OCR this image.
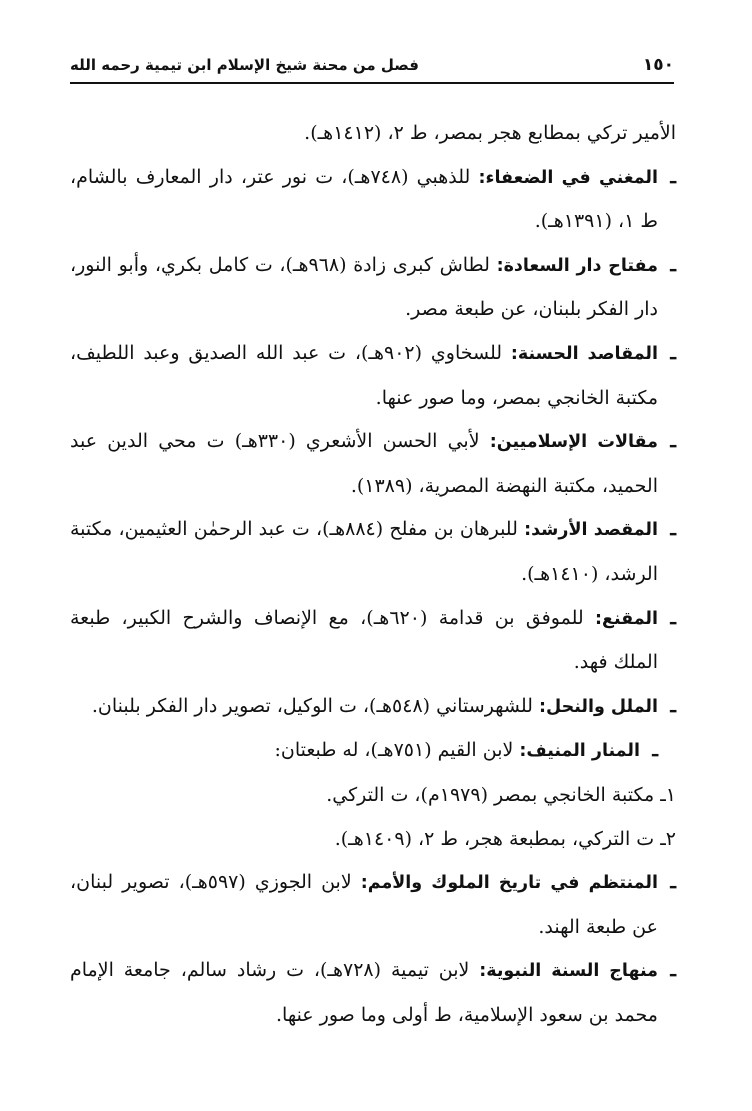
١٥٠
فصل من محنة شيخ الإسلام ابن تيمية رحمه الله
الأمير تركي بمطابع هجر بمصر، ط ٢، (١٤١٢هـ).
ـ
المغني في الضعفاء: للذهبي (٧٤٨هـ)، ت نور عتر، دار المعارف بالشام، ط ١، (١٣٩١هـ).
ـ
مفتاح دار السعادة: لطاش كبرى زادة (٩٦٨هـ)، ت كامل بكري، وأبو النور، دار الفكر بلبنان، عن طبعة مصر.
ـ
المقاصد الحسنة: للسخاوي (٩٠٢هـ)، ت عبد الله الصديق وعبد اللطيف، مكتبة الخانجي بمصر، وما صور عنها.
ـ
مقالات الإسلاميين: لأبي الحسن الأشعري (٣٣٠هـ) ت محي الدين عبد الحميد، مكتبة النهضة المصرية، (١٣٨٩).
ـ
المقصد الأرشد: للبرهان بن مفلح (٨٨٤هـ)، ت عبد الرحمٰن العثيمين، مكتبة الرشد، (١٤١٠هـ).
ـ
المقنع: للموفق بن قدامة (٦٢٠هـ)، مع الإنصاف والشرح الكبير، طبعة الملك فهد.
ـ
الملل والنحل: للشهرستاني (٥٤٨هـ)، ت الوكيل، تصوير دار الفكر بلبنان.
ـ
المنار المنيف: لابن القيم (٧٥١هـ)، له طبعتان:
١ـ مكتبة الخانجي بمصر (١٩٧٩م)، ت التركي.
٢ـ ت التركي، بمطبعة هجر، ط ٢، (١٤٠٩هـ).
ـ
المنتظم في تاريخ الملوك والأمم: لابن الجوزي (٥٩٧هـ)، تصوير لبنان، عن طبعة الهند.
ـ
منهاج السنة النبوية: لابن تيمية (٧٢٨هـ)، ت رشاد سالم، جامعة الإمام محمد بن سعود الإسلامية، ط أولى وما صور عنها.
